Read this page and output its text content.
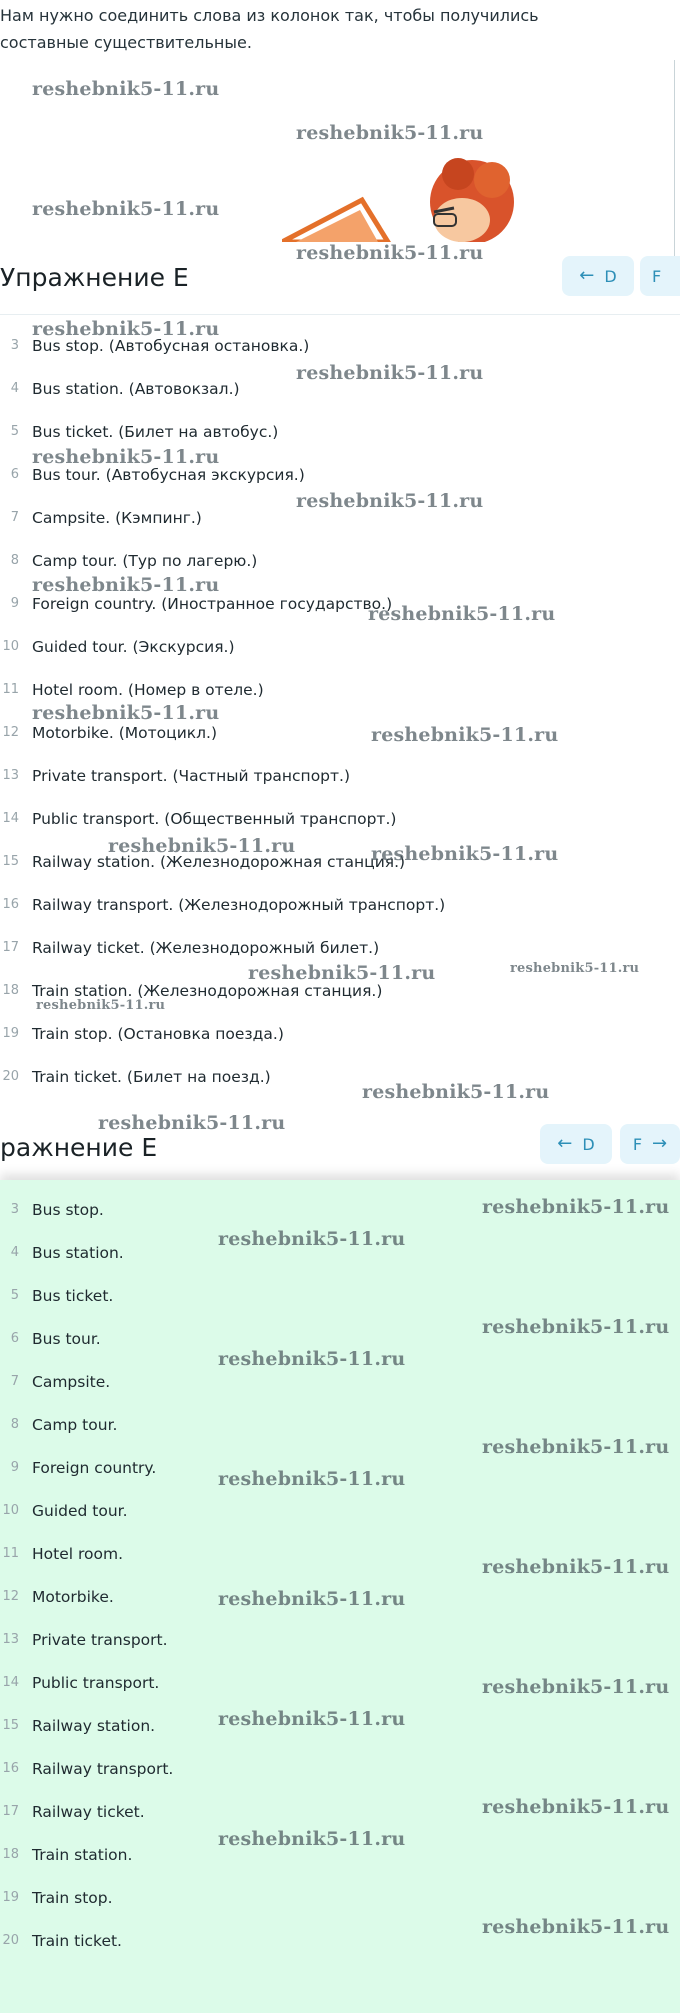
Нам нужно соединить слова из колонок так, чтобы получились составные существительные.
reshebnik5-11.ru
reshebnik5-11.ru
reshebnik5-11.ru
reshebnik5-11.ru
Упражнение E	← D F
3 Bus stop. (Автобусная остановка.)
4 Bus station. (Автовокзал.)
5 Bus ticket. (Билет на автобус.)
6 Bus tour. (Автобусная экскурсия.)
7 Campsite. (Кэмпинг.)
8 Camp tour. (Тур по лагерю.)
9 Foreign country. (Иностранное государство.)
10 Guided tour. (Экскурсия.)
11 Hotel room. (Номер в отеле.)
12 Motorbike. (Мотоцикл.)
13 Private transport. (Частный транспорт.)
14 Public transport. (Общественный транспорт.)
15 Railway station. (Железнодорожная станция.)
16 Railway transport. (Железнодорожный транспорт.)
17 Railway ticket. (Железнодорожный билет.)
18 Train station. (Железнодорожная станция.)
19 Train stop. (Остановка поезда.)
20 Train ticket. (Билет на поезд.)
reshebnik5-11.ru
reshebnik5-11.ru
reshebnik5-11.ru
reshebnik5-11.ru
reshebnik5-11.ru
reshebnik5-11.ru
reshebnik5-11.ru
reshebnik5-11.ru
reshebnik5-11.ru	reshebnik5-11.ru
reshebnik5-11.ru	reshebnik5-11.ru
reshebnik5-11.ru
reshebnik5-11.ru
reshebnik5-11.ru
ражнение E	← D F →
3 Bus stop.
4 Bus station.
5 Bus ticket.
6 Bus tour.
7 Campsite.
8 Camp tour.
9 Foreign country.
10 Guided tour.
11 Hotel room.
12 Motorbike.
13 Private transport.
14 Public transport.
15 Railway station.
16 Railway transport.
17 Railway ticket.
18 Train station.
19 Train stop.
20 Train ticket.
reshebnik5-11.ru
reshebnik5-11.ru
reshebnik5-11.ru
reshebnik5-11.ru
reshebnik5-11.ru
reshebnik5-11.ru
reshebnik5-11.ru
reshebnik5-11.ru
reshebnik5-11.ru
reshebnik5-11.ru
reshebnik5-11.ru
reshebnik5-11.ru
reshebnik5-11.ru
